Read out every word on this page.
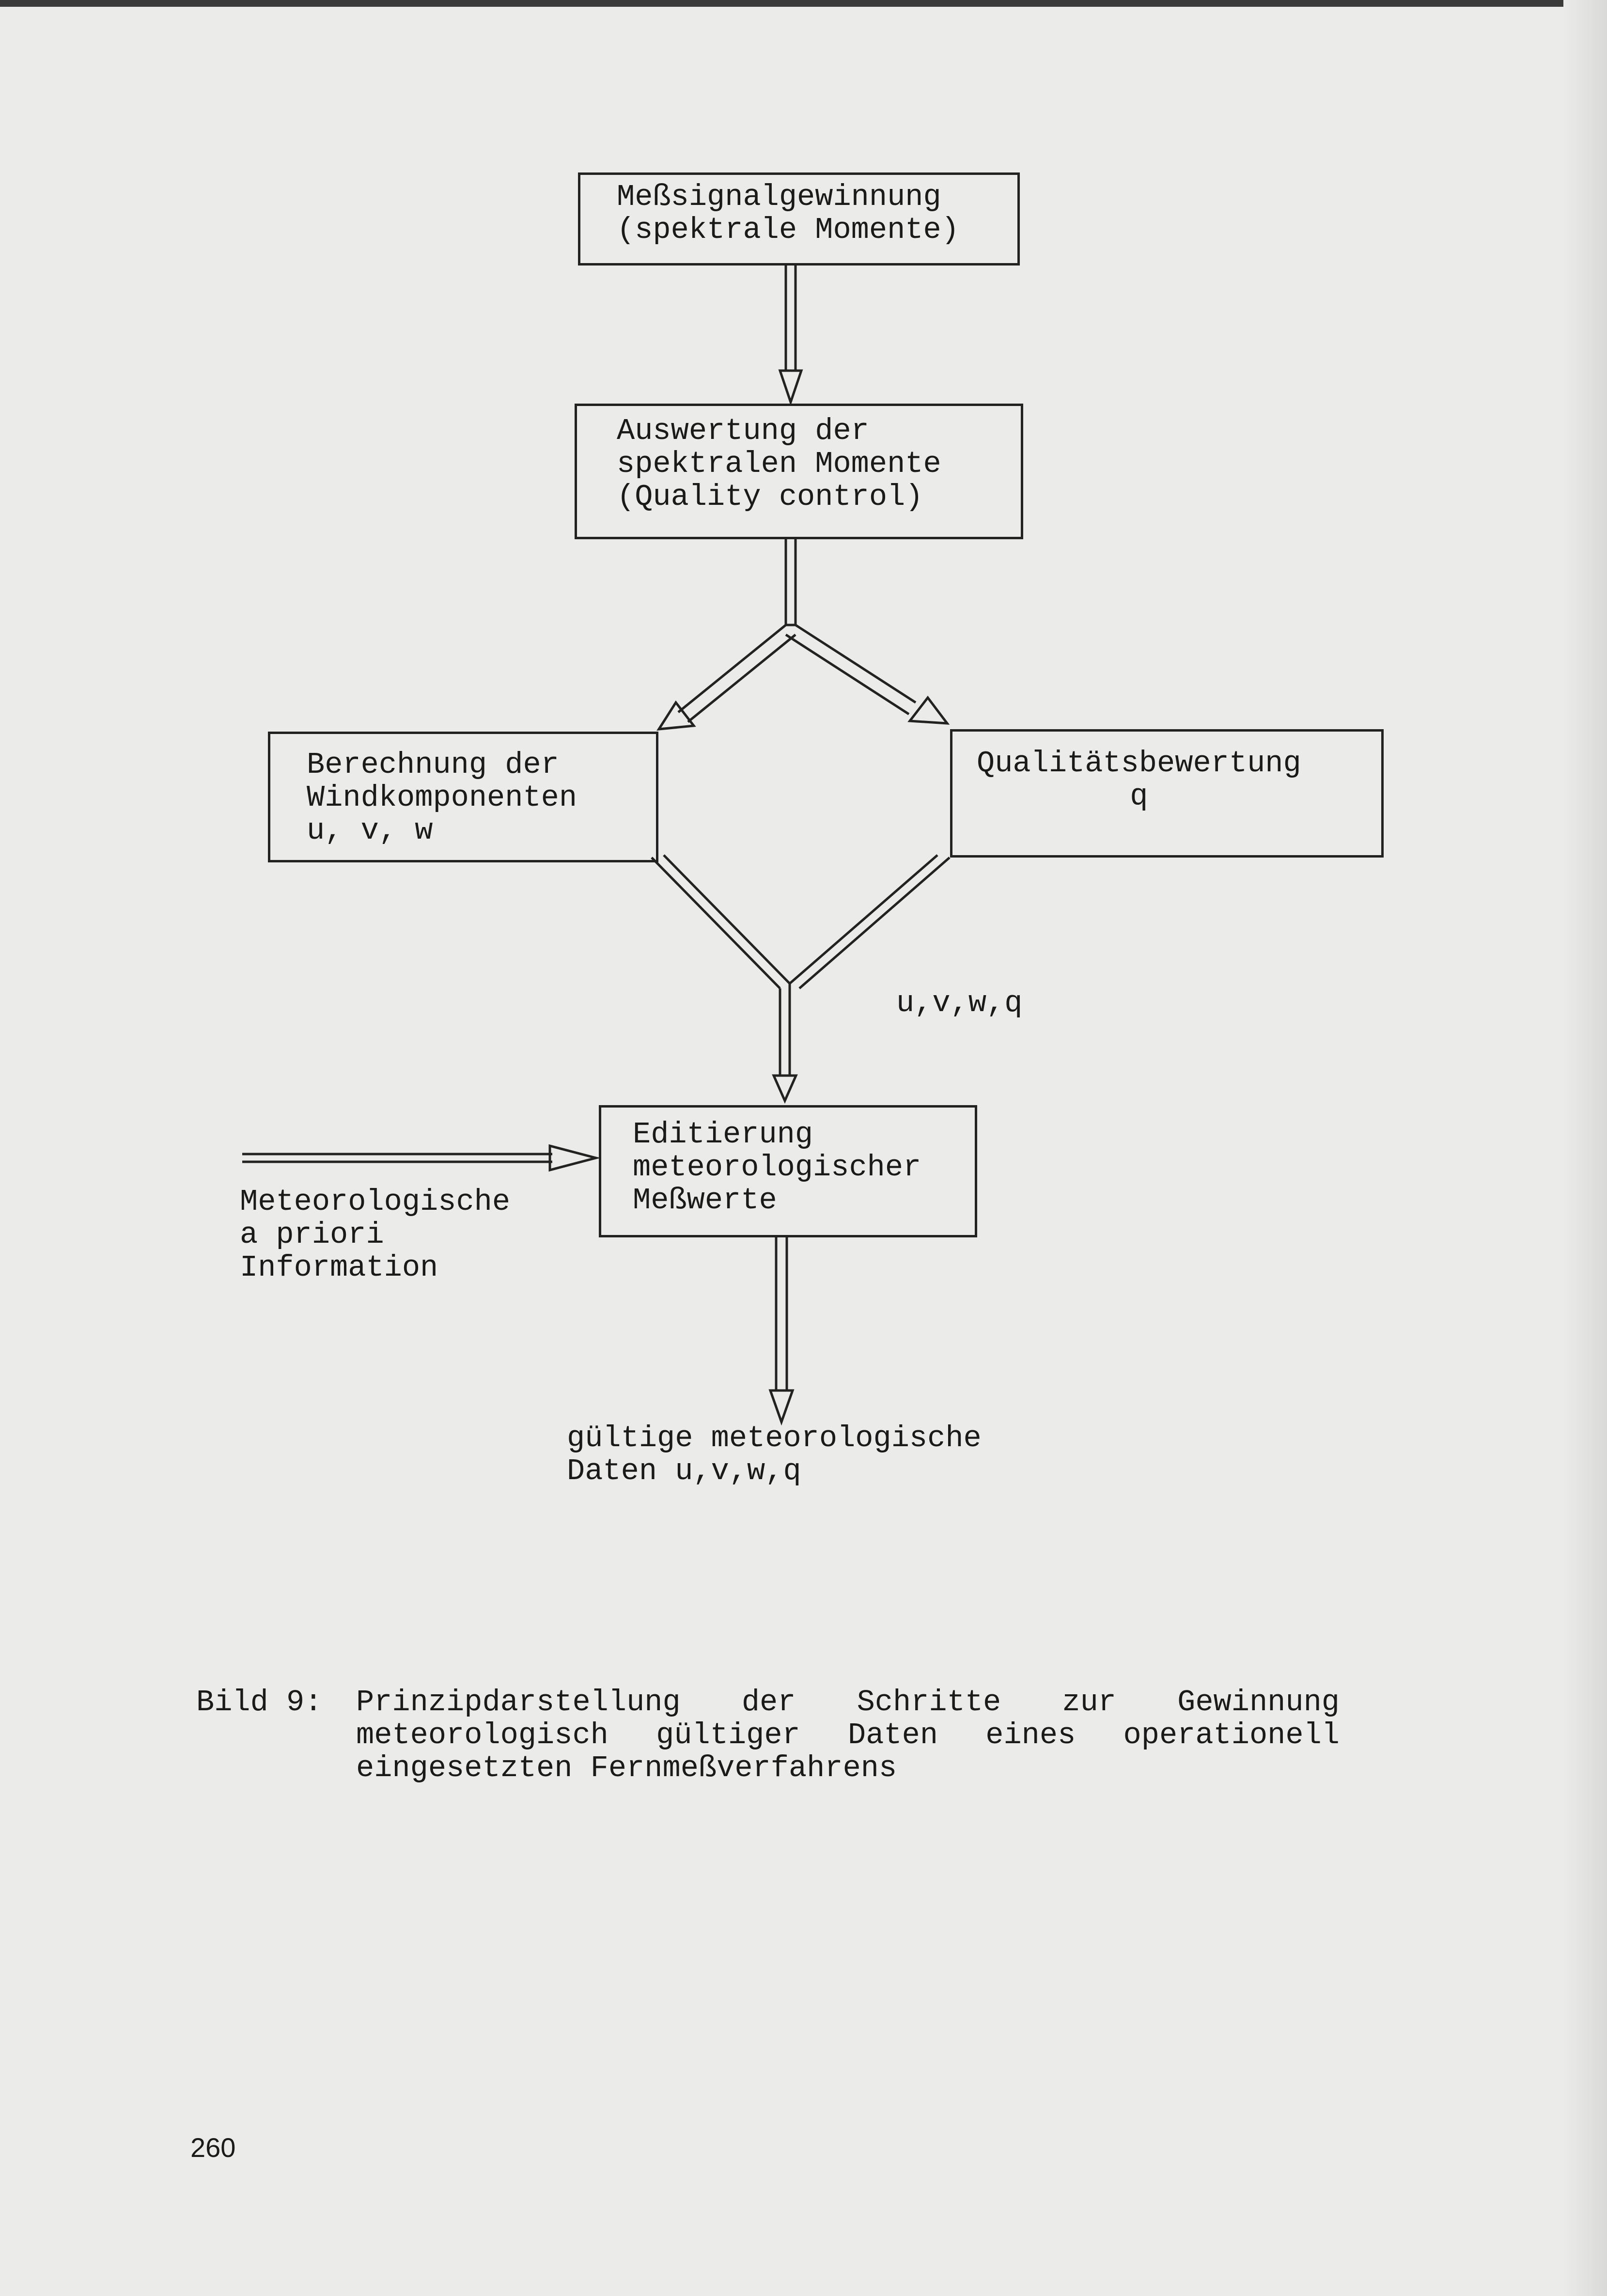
Meßsignalgewinnung
(spektrale Momente)

Auswertung der
spektralen Momente
(Quality control)

Berechnung der
Windkomponenten
u, v, w

Qualitätsbewertung
q

u,v,w,q

Editierung
meteorologischer
Meßwerte

Meteorologische
a priori
Information
gültige meteorologische
Daten u,v,w,q
Bild 9: Prinzipdarstellung der Schritte zur Gewinnung meteorologisch gültiger Daten eines operationell eingesetzten Fernmeßverfahrens
260
